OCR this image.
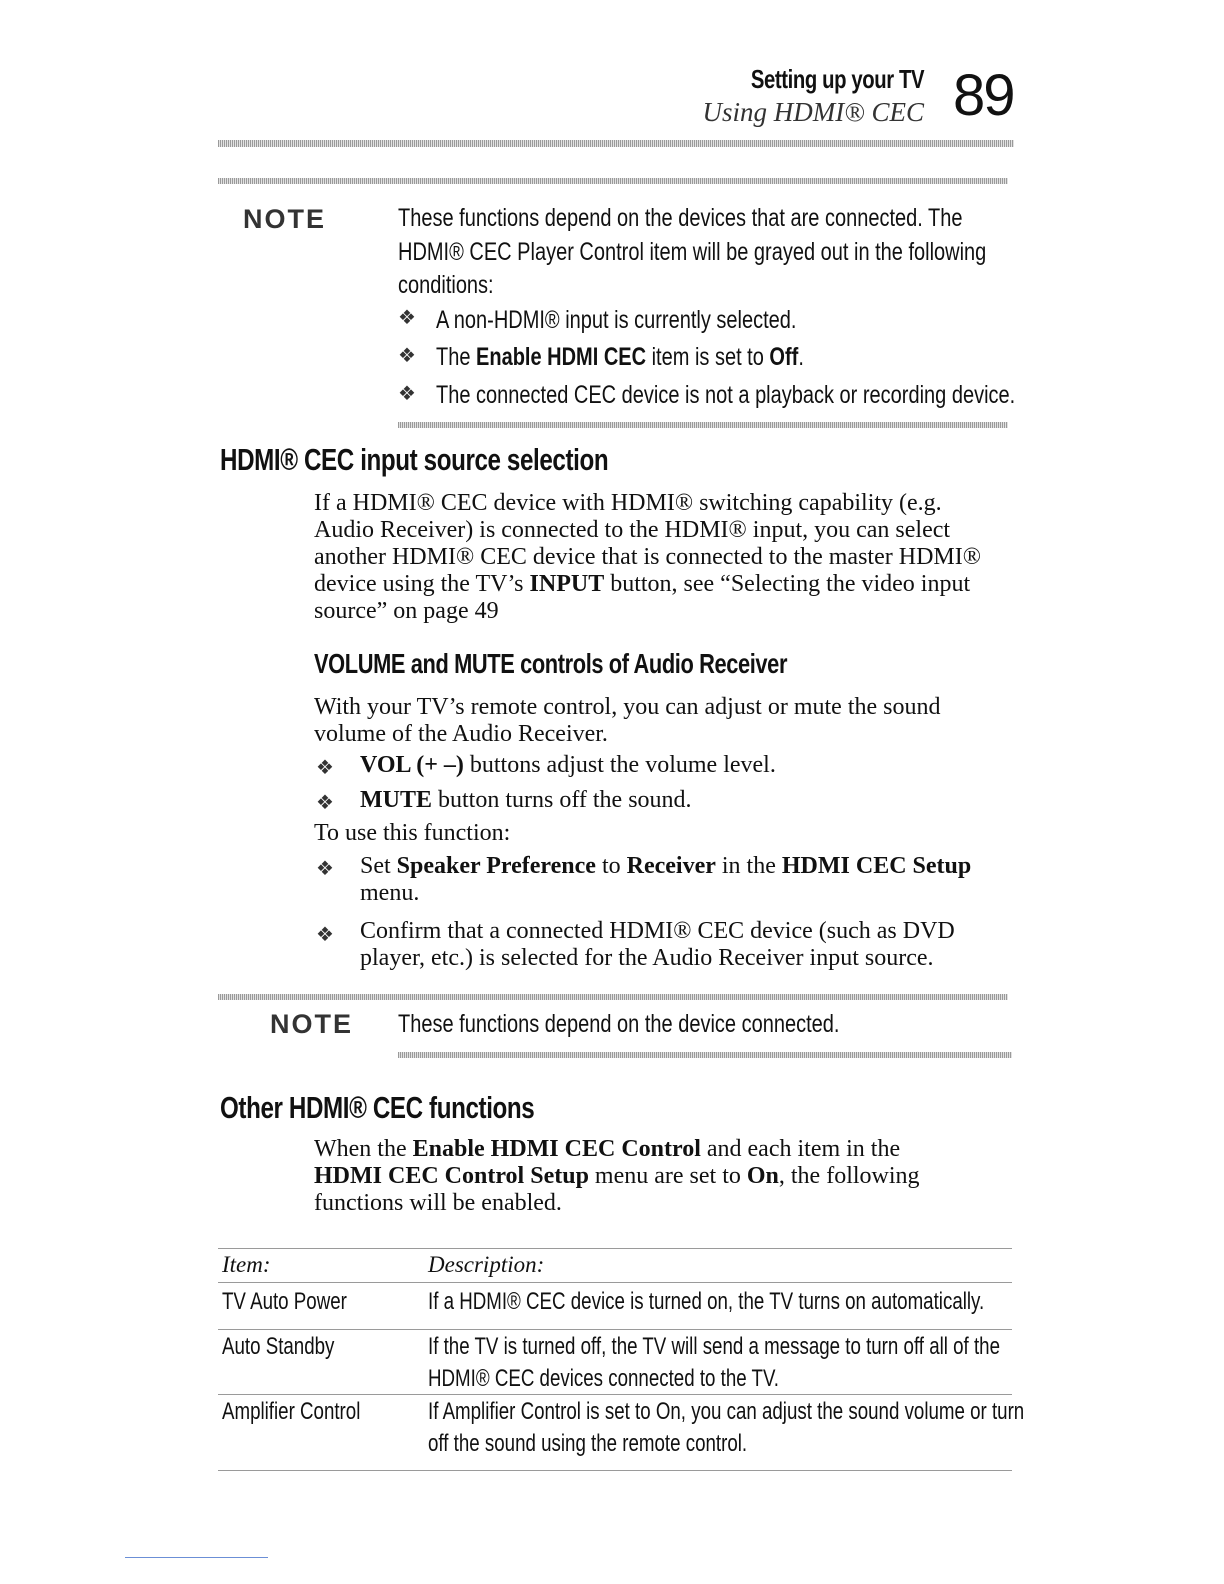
Setting up your TV
Using HDMI® CEC 89
NOTE	These functions depend on the devices that are connected. The
HDMI® CEC Player Control item will be grayed out in the following
conditions:
❖ A non-HDMI® input is currently selected.
❖ The Enable HDMI CEC item is set to Off.
❖ The connected CEC device is not a playback or recording device.
HDMI® CEC input source selection
If a HDMI® CEC device with HDMI® switching capability (e.g.
Audio Receiver) is connected to the HDMI® input, you can select
another HDMI® CEC device that is connected to the master HDMI®
device using the TV’s INPUT button, see “Selecting the video input
source” on page 49
VOLUME and MUTE controls of Audio Receiver
With your TV’s remote control, you can adjust or mute the sound
volume of the Audio Receiver.
❖ VOL (+ –) buttons adjust the volume level.
❖ MUTE button turns off the sound.
To use this function:
❖ Set Speaker Preference to Receiver in the HDMI CEC Setup
menu.
❖ Confirm that a connected HDMI® CEC device (such as DVD
player, etc.) is selected for the Audio Receiver input source.
NOTE These functions depend on the device connected.
Other HDMI® CEC functions
When the Enable HDMI CEC Control and each item in the
HDMI CEC Control Setup menu are set to On, the following
functions will be enabled.
Item:	Description:
TV Auto Power	If a HDMI® CEC device is turned on, the TV turns on automatically.
Auto Standby	If the TV is turned off, the TV will send a message to turn off all of the
HDMI® CEC devices connected to the TV.
Amplifier Control	If Amplifier Control is set to On, you can adjust the sound volume or turn
off the sound using the remote control.
